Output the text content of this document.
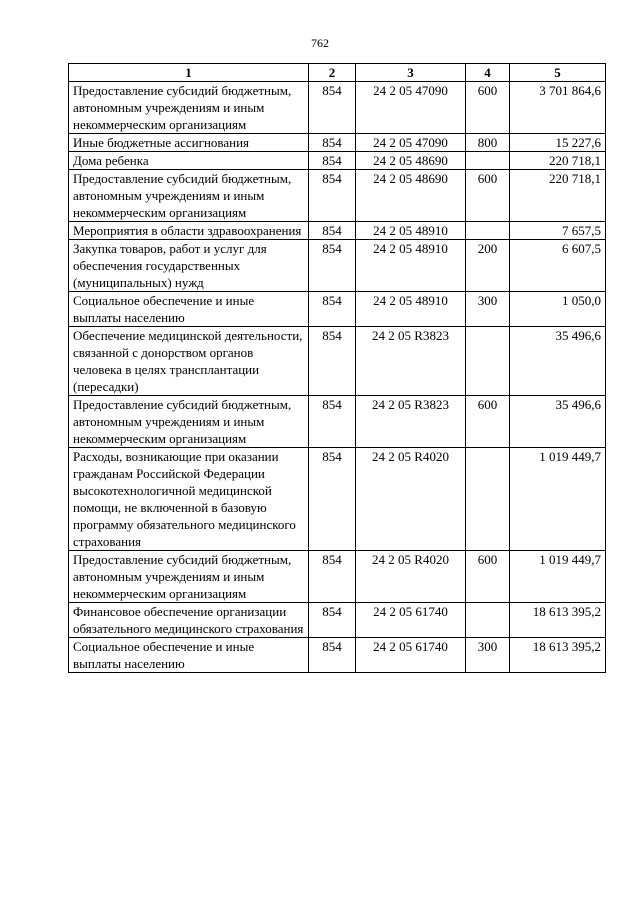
762
1	2	3	4	5
Предоставление субсидий бюджетным, автономным учреждениям и иным некоммерческим организациям	854	24 2 05 47090	600	3 701 864,6
Иные бюджетные ассигнования	854	24 2 05 47090	800	15 227,6
Дома ребенка	854	24 2 05 48690		220 718,1
Предоставление субсидий бюджетным, автономным учреждениям и иным некоммерческим организациям	854	24 2 05 48690	600	220 718,1
Мероприятия в области здравоохранения	854	24 2 05 48910		7 657,5
Закупка товаров, работ и услуг для обеспечения государственных (муниципальных) нужд	854	24 2 05 48910	200	6 607,5
Социальное обеспечение и иные выплаты населению	854	24 2 05 48910	300	1 050,0
Обеспечение медицинской деятельности, связанной с донорством органов человека в целях трансплантации (пересадки)	854	24 2 05 R3823		35 496,6
Предоставление субсидий бюджетным, автономным учреждениям и иным некоммерческим организациям	854	24 2 05 R3823	600	35 496,6
Расходы, возникающие при оказании гражданам Российской Федерации высокотехнологичной медицинской помощи, не включенной в базовую программу обязательного медицинского страхования	854	24 2 05 R4020		1 019 449,7
Предоставление субсидий бюджетным, автономным учреждениям и иным некоммерческим организациям	854	24 2 05 R4020	600	1 019 449,7
Финансовое обеспечение организации обязательного медицинского страхования	854	24 2 05 61740		18 613 395,2
Социальное обеспечение и иные выплаты населению	854	24 2 05 61740	300	18 613 395,2
